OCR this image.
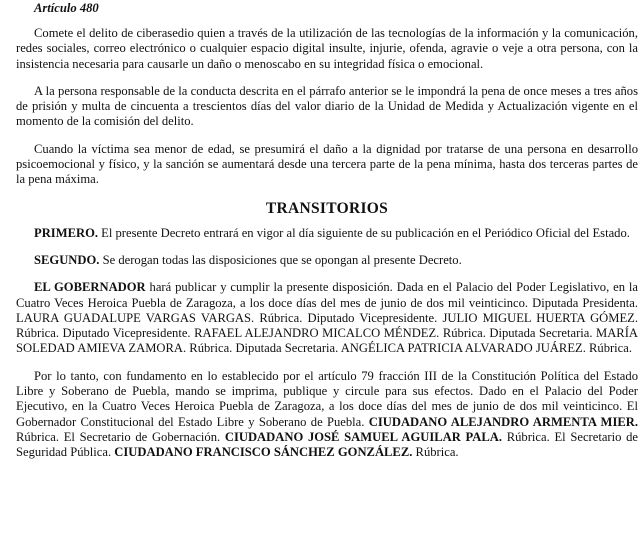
Artículo 480

Comete el delito de ciberasedio quien a través de la utilización de las tecnologías de la información y la comunicación, redes sociales, correo electrónico o cualquier espacio digital insulte, injurie, ofenda, agravie o veje a otra persona, con la insistencia necesaria para causarle un daño o menoscabo en su integridad física o emocional.

A la persona responsable de la conducta descrita en el párrafo anterior se le impondrá la pena de once meses a tres años de prisión y multa de cincuenta a trescientos días del valor diario de la Unidad de Medida y Actualización vigente en el momento de la comisión del delito.

Cuando la víctima sea menor de edad, se presumirá el daño a la dignidad por tratarse de una persona en desarrollo psicoemocional y físico, y la sanción se aumentará desde una tercera parte de la pena mínima, hasta dos terceras partes de la pena máxima.

TRANSITORIOS

PRIMERO. El presente Decreto entrará en vigor al día siguiente de su publicación en el Periódico Oficial del Estado.

SEGUNDO. Se derogan todas las disposiciones que se opongan al presente Decreto.

EL GOBERNADOR hará publicar y cumplir la presente disposición. Dada en el Palacio del Poder Legislativo, en la Cuatro Veces Heroica Puebla de Zaragoza, a los doce días del mes de junio de dos mil veinticinco. Diputada Presidenta. LAURA GUADALUPE VARGAS VARGAS. Rúbrica. Diputado Vicepresidente. JULIO MIGUEL HUERTA GÓMEZ. Rúbrica. Diputado Vicepresidente. RAFAEL ALEJANDRO MICALCO MÉNDEZ. Rúbrica. Diputada Secretaria. MARÍA SOLEDAD AMIEVA ZAMORA. Rúbrica. Diputada Secretaria. ANGÉLICA PATRICIA ALVARADO JUÁREZ. Rúbrica.

Por lo tanto, con fundamento en lo establecido por el artículo 79 fracción III de la Constitución Política del Estado Libre y Soberano de Puebla, mando se imprima, publique y circule para sus efectos. Dado en el Palacio del Poder Ejecutivo, en la Cuatro Veces Heroica Puebla de Zaragoza, a los doce días del mes de junio de dos mil veinticinco. El Gobernador Constitucional del Estado Libre y Soberano de Puebla. CIUDADANO ALEJANDRO ARMENTA MIER. Rúbrica. El Secretario de Gobernación. CIUDADANO JOSÉ SAMUEL AGUILAR PALA. Rúbrica. El Secretario de Seguridad Pública. CIUDADANO FRANCISCO SÁNCHEZ GONZÁLEZ. Rúbrica.
